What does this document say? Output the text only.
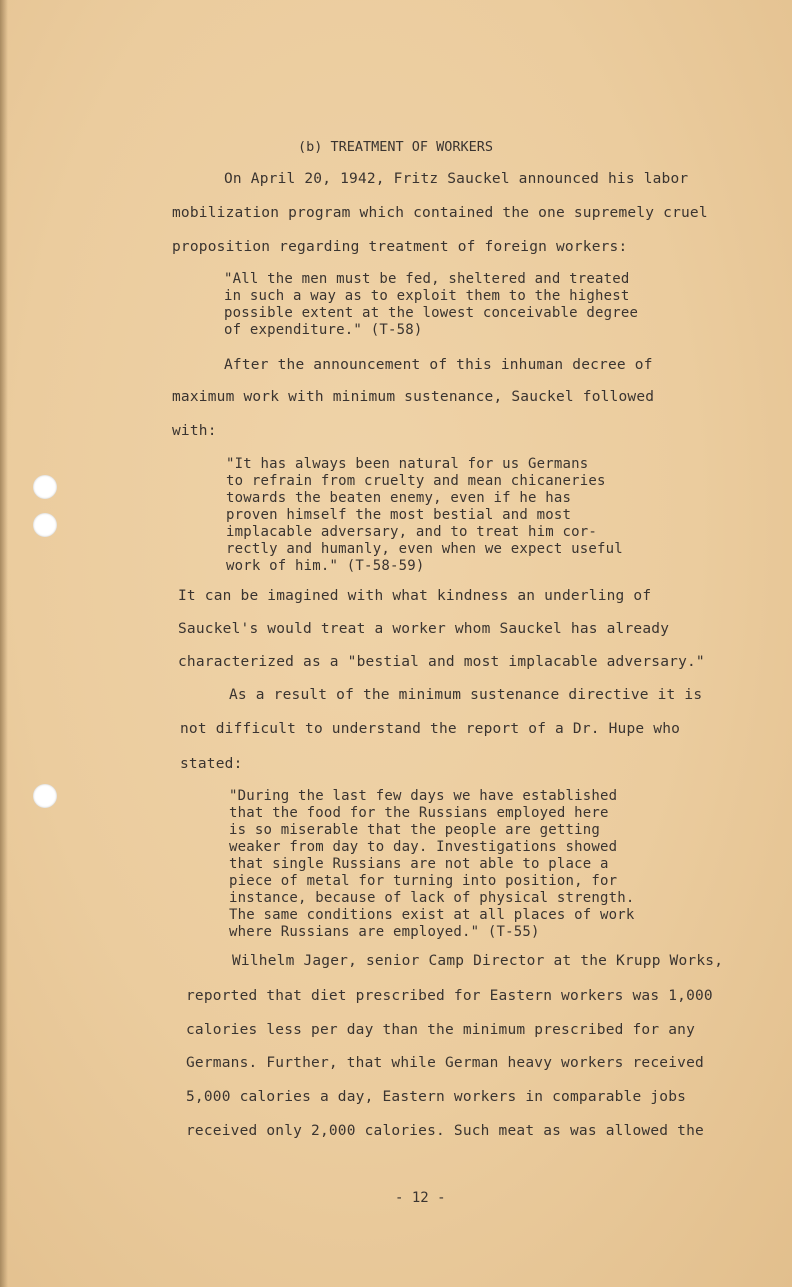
(b) TREATMENT OF WORKERS
On April 20, 1942, Fritz Sauckel announced his labor
mobilization program which contained the one supremely cruel
proposition regarding treatment of foreign workers:
"All the men must be fed, sheltered and treated
in such a way as to exploit them to the highest
possible extent at the lowest conceivable degree
of expenditure." (T-58)
After the announcement of this inhuman decree of
maximum work with minimum sustenance, Sauckel followed
with:
"It has always been natural for us Germans
to refrain from cruelty and mean chicaneries
towards the beaten enemy, even if he has
proven himself the most bestial and most
implacable adversary, and to treat him cor-
rectly and humanly, even when we expect useful
work of him." (T-58-59)
It can be imagined with what kindness an underling of
Sauckel's would treat a worker whom Sauckel has already
characterized as a "bestial and most implacable adversary."
As a result of the minimum sustenance directive it is
not difficult to understand the report of a Dr. Hupe who
stated:
"During the last few days we have established
that the food for the Russians employed here
is so miserable that the people are getting
weaker from day to day. Investigations showed
that single Russians are not able to place a
piece of metal for turning into position, for
instance, because of lack of physical strength.
The same conditions exist at all places of work
where Russians are employed." (T-55)
Wilhelm Jager, senior Camp Director at the Krupp Works,
reported that diet prescribed for Eastern workers was 1,000
calories less per day than the minimum prescribed for any
Germans. Further, that while German heavy workers received
5,000 calories a day, Eastern workers in comparable jobs
received only 2,000 calories. Such meat as was allowed the
- 12 -
